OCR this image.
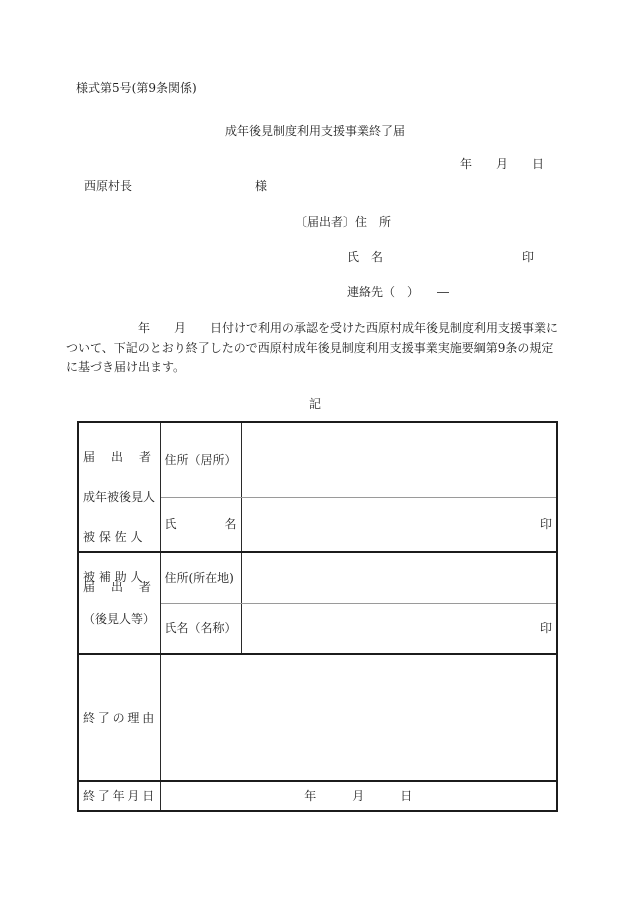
様式第5号(第9条関係)
成年後見制度利用支援事業終了届
年　　月　　日
西原村長	様
〔届出者〕住　所
氏　名	印
連絡先（　）　　―
　　　　　　年　　月　　日付けで利用の承認を受けた西原村成年後見制度利用支援事業に
ついて、下記のとおり終了したので西原村成年後見制度利用支援事業実施要綱第9条の規定
に基づき届け出ます。
記

届　出　者

成年被後見人

被 保 佐 人

被 補 助 人	住所（居所）	
	氏　　　　名	印

届　出　者
（後見人等）	住所(所在地)	
	氏名（名称）	印
終了の理由		
終了年月日	年　　　月　　　日	
